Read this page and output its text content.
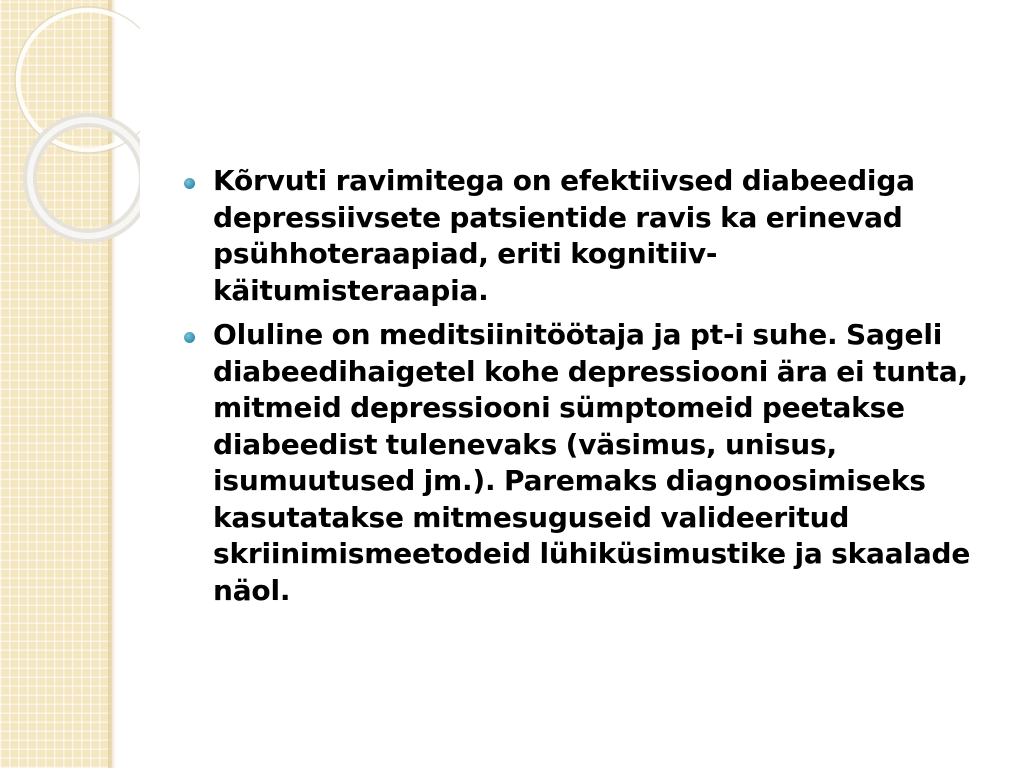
Kõrvuti ravimitega on efektiivsed diabeediga depressiivsete patsientide ravis ka erinevad psühhoteraapiad, eriti kognitiiv- käitumisteraapia.
Oluline on meditsiinitöötaja ja pt-i suhe. Sageli diabeedihaigetel kohe depressiooni ära ei tunta, mitmeid depressiooni sümptomeid peetakse diabeedist tulenevaks (väsimus, unisus, isumuutused jm.). Paremaks diagnoosimiseks kasutatakse mitmesuguseid valideeritud skriinimismeetodeid lühiküsimustike ja skaalade näol.
